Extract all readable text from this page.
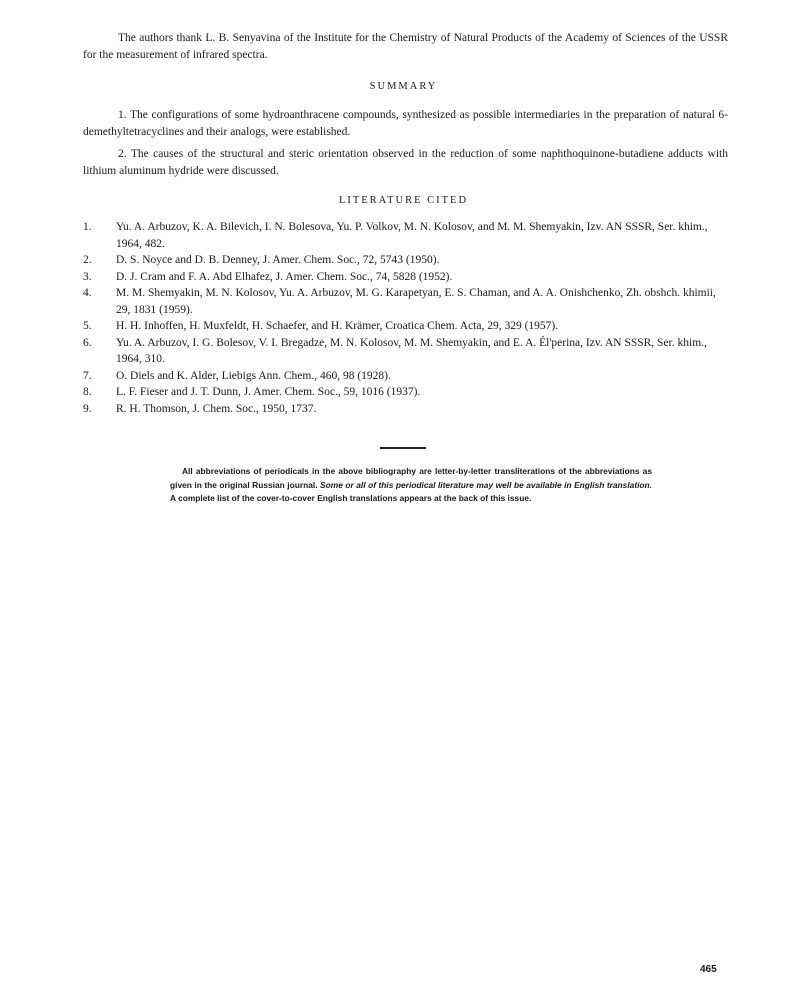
The authors thank L. B. Senyavina of the Institute for the Chemistry of Natural Products of the Academy of Sciences of the USSR for the measurement of infrared spectra.

SUMMARY

1. The configurations of some hydroanthracene compounds, synthesized as possible intermediaries in the preparation of natural 6-demethyltetracyclines and their analogs, were established.

2. The causes of the structural and steric orientation observed in the reduction of some naphthoquinone-butadiene adducts with lithium aluminum hydride were discussed.

LITERATURE CITED
1.	Yu. A. Arbuzov, K. A. Bilevich, I. N. Bolesova, Yu. P. Volkov, M. N. Kolosov, and M. M. Shemyakin, Izv. AN SSSR, Ser. khim., 1964, 482.
2.	D. S. Noyce and D. B. Denney, J. Amer. Chem. Soc., 72, 5743 (1950).
3.	D. J. Cram and F. A. Abd Elhafez, J. Amer. Chem. Soc., 74, 5828 (1952).
4.	M. M. Shemyakin, M. N. Kolosov, Yu. A. Arbuzov, M. G. Karapetyan, E. S. Chaman, and A. A. Onishchenko, Zh. obshch. khimii, 29, 1831 (1959).
5.	H. H. Inhoffen, H. Muxfeldt, H. Schaefer, and H. Krämer, Croatica Chem. Acta, 29, 329 (1957).
6.	Yu. A. Arbuzov, I. G. Bolesov, V. I. Bregadze, M. N. Kolosov, M. M. Shemyakin, and E. A. Él'perina, Izv. AN SSSR, Ser. khim., 1964, 310.
7.	O. Diels and K. Alder, Liebigs Ann. Chem., 460, 98 (1928).
8.	L. F. Fieser and J. T. Dunn, J. Amer. Chem. Soc., 59, 1016 (1937).
9.	R. H. Thomson, J. Chem. Soc., 1950, 1737.

All abbreviations of periodicals in the above bibliography are letter-by-letter transliterations of the abbreviations as given in the original Russian journal. Some or all of this periodical literature may well be available in English translation. A complete list of the cover-to-cover English translations appears at the back of this issue.

465
